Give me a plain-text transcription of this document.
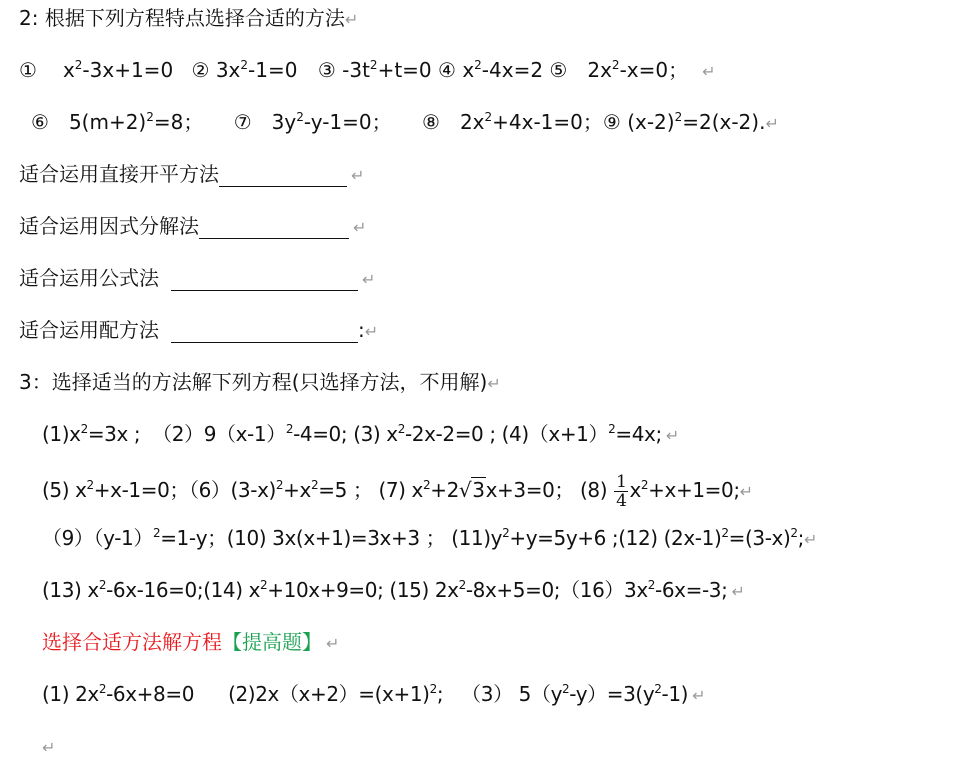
2: 根据下列方程特点选择合适的方法↵
① $x^2-3x+1=0$ ② $3x^2-1=0$ ③ $-3t^2+t=0$ ④ $x^2-4x=2$ ⑤ $2x^2-x=0$； ↵
⑥ $5(m+2)^2=8$； ⑦ $3y^2-y-1=0$； ⑧ $2x^2+4x-1=0$；⑨ $(x-2)^2=2(x-2).↵$
适合运用直接开平方法	↵
适合运用因式分解法	↵
适合运用公式法	↵
适合运用配方法	:↵
3：选择适当的方法解下列方程(只选择方法，不用解)↵
$(1)x^2=3x$ ;  $(2)9(x-1)^2-4=0$; (3) $x^2-2x-2=0$ ; $(4)(x+1)^2=4x$; ↵
(5) $x^2+x-1=0$；$(6)(3-x)^2+x^2=5$ ； (7) $x^2+2√3x+3=0$； $(8) \frac{1}{4}$ $x^2+x+1=0;↵$
$(9)(y-1)^2=1-y$；(10) 3x(x+1)=3x+3 ； $(11)y^2+y=5y+6$ ;(12) $(2x-1)^2=(3-x)^2;↵$
(13) $x^2-6x-16=0;(14)$ $x^2+10x+9=0$; (15) $2x^2-8x+5=0;(16)3x^2-6x=-3$; ↵
选择合适方法解方程【提高题】 ↵
(1) $2x^2-6x+8=0$ $(2)2x(x+2)=(x+1)^2$; （3） $5(y^2-y)=3(y^2-1)$ ↵
↵
